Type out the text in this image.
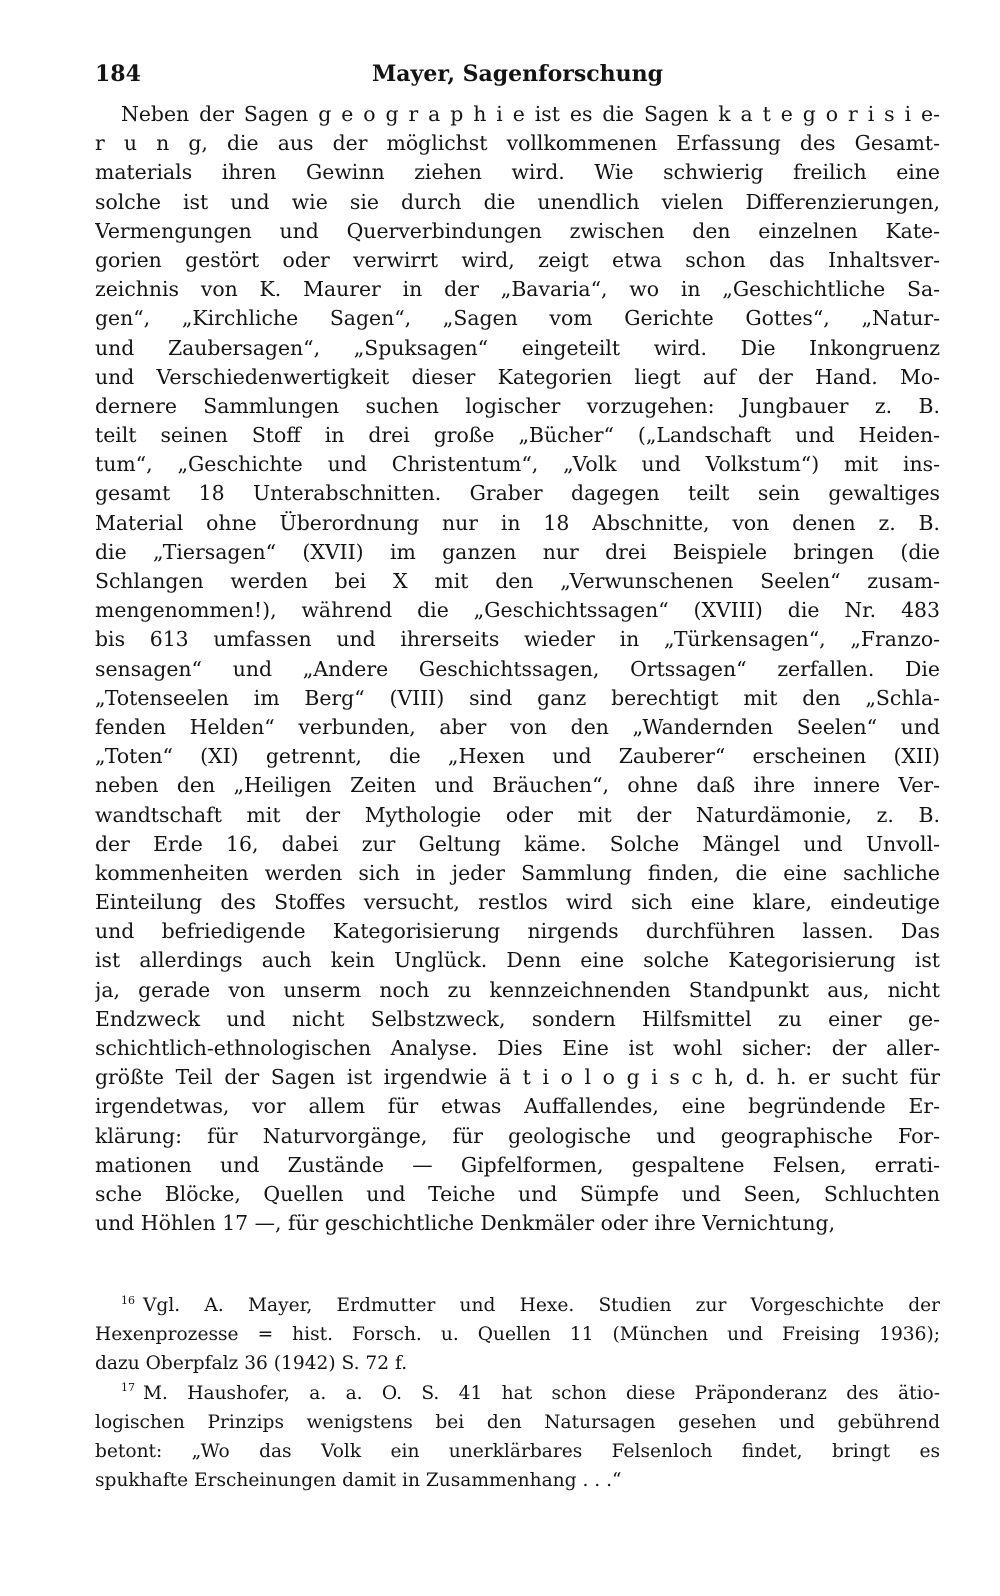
184	Mayer, Sagenforschung
Neben der Sagen g e o g r a p h i e ist es die Sagen k a t e g o r i s i e-
r u n g, die aus der möglichst vollkommenen Erfassung des Gesamt-
materials ihren Gewinn ziehen wird. Wie schwierig freilich eine
solche ist und wie sie durch die unendlich vielen Differenzierungen,
Vermengungen und Querverbindungen zwischen den einzelnen Kate-
gorien gestört oder verwirrt wird, zeigt etwa schon das Inhaltsver-
zeichnis von K. Maurer in der „Bavaria“, wo in „Geschichtliche Sa-
gen“, „Kirchliche Sagen“, „Sagen vom Gerichte Gottes“, „Natur-
und Zaubersagen“, „Spuksagen“ eingeteilt wird. Die Inkongruenz
und Verschiedenwertigkeit dieser Kategorien liegt auf der Hand. Mo-
dernere Sammlungen suchen logischer vorzugehen: Jungbauer z. B.
teilt seinen Stoff in drei große „Bücher“ („Landschaft und Heiden-
tum“, „Geschichte und Christentum“, „Volk und Volkstum“) mit ins-
gesamt 18 Unterabschnitten. Graber dagegen teilt sein gewaltiges
Material ohne Überordnung nur in 18 Abschnitte, von denen z. B.
die „Tiersagen“ (XVII) im ganzen nur drei Beispiele bringen (die
Schlangen werden bei X mit den „Verwunschenen Seelen“ zusam-
mengenommen!), während die „Geschichtssagen“ (XVIII) die Nr. 483
bis 613 umfassen und ihrerseits wieder in „Türkensagen“, „Franzo-
sensagen“ und „Andere Geschichtssagen, Ortssagen“ zerfallen. Die
„Totenseelen im Berg“ (VIII) sind ganz berechtigt mit den „Schla-
fenden Helden“ verbunden, aber von den „Wandernden Seelen“ und
„Toten“ (XI) getrennt, die „Hexen und Zauberer“ erscheinen (XII)
neben den „Heiligen Zeiten und Bräuchen“, ohne daß ihre innere Ver-
wandtschaft mit der Mythologie oder mit der Naturdämonie, z. B.
der Erde 16, dabei zur Geltung käme. Solche Mängel und Unvoll-
kommenheiten werden sich in jeder Sammlung finden, die eine sachliche
Einteilung des Stoffes versucht, restlos wird sich eine klare, eindeutige
und befriedigende Kategorisierung nirgends durchführen lassen. Das
ist allerdings auch kein Unglück. Denn eine solche Kategorisierung ist
ja, gerade von unserm noch zu kennzeichnenden Standpunkt aus, nicht
Endzweck und nicht Selbstzweck, sondern Hilfsmittel zu einer ge-
schichtlich-ethnologischen Analyse. Dies Eine ist wohl sicher: der aller-
größte Teil der Sagen ist irgendwie ä t i o l o g i s c h, d. h. er sucht für
irgendetwas, vor allem für etwas Auffallendes, eine begründende Er-
klärung: für Naturvorgänge, für geologische und geographische For-
mationen und Zustände — Gipfelformen, gespaltene Felsen, errati-
sche Blöcke, Quellen und Teiche und Sümpfe und Seen, Schluchten
und Höhlen 17 —, für geschichtliche Denkmäler oder ihre Vernichtung,
$^{16}$ Vgl. A. Mayer, Erdmutter und Hexe. Studien zur Vorgeschichte der
Hexenprozesse = hist. Forsch. u. Quellen 11 (München und Freising 1936);
dazu Oberpfalz 36 (1942) S. 72 f.
$^{17}$ M. Haushofer, a. a. O. S. 41 hat schon diese Präponderanz des ätio-
logischen Prinzips wenigstens bei den Natursagen gesehen und gebührend
betont: „Wo das Volk ein unerklärbares Felsenloch findet, bringt es
spukhafte Erscheinungen damit in Zusammenhang . . .“
